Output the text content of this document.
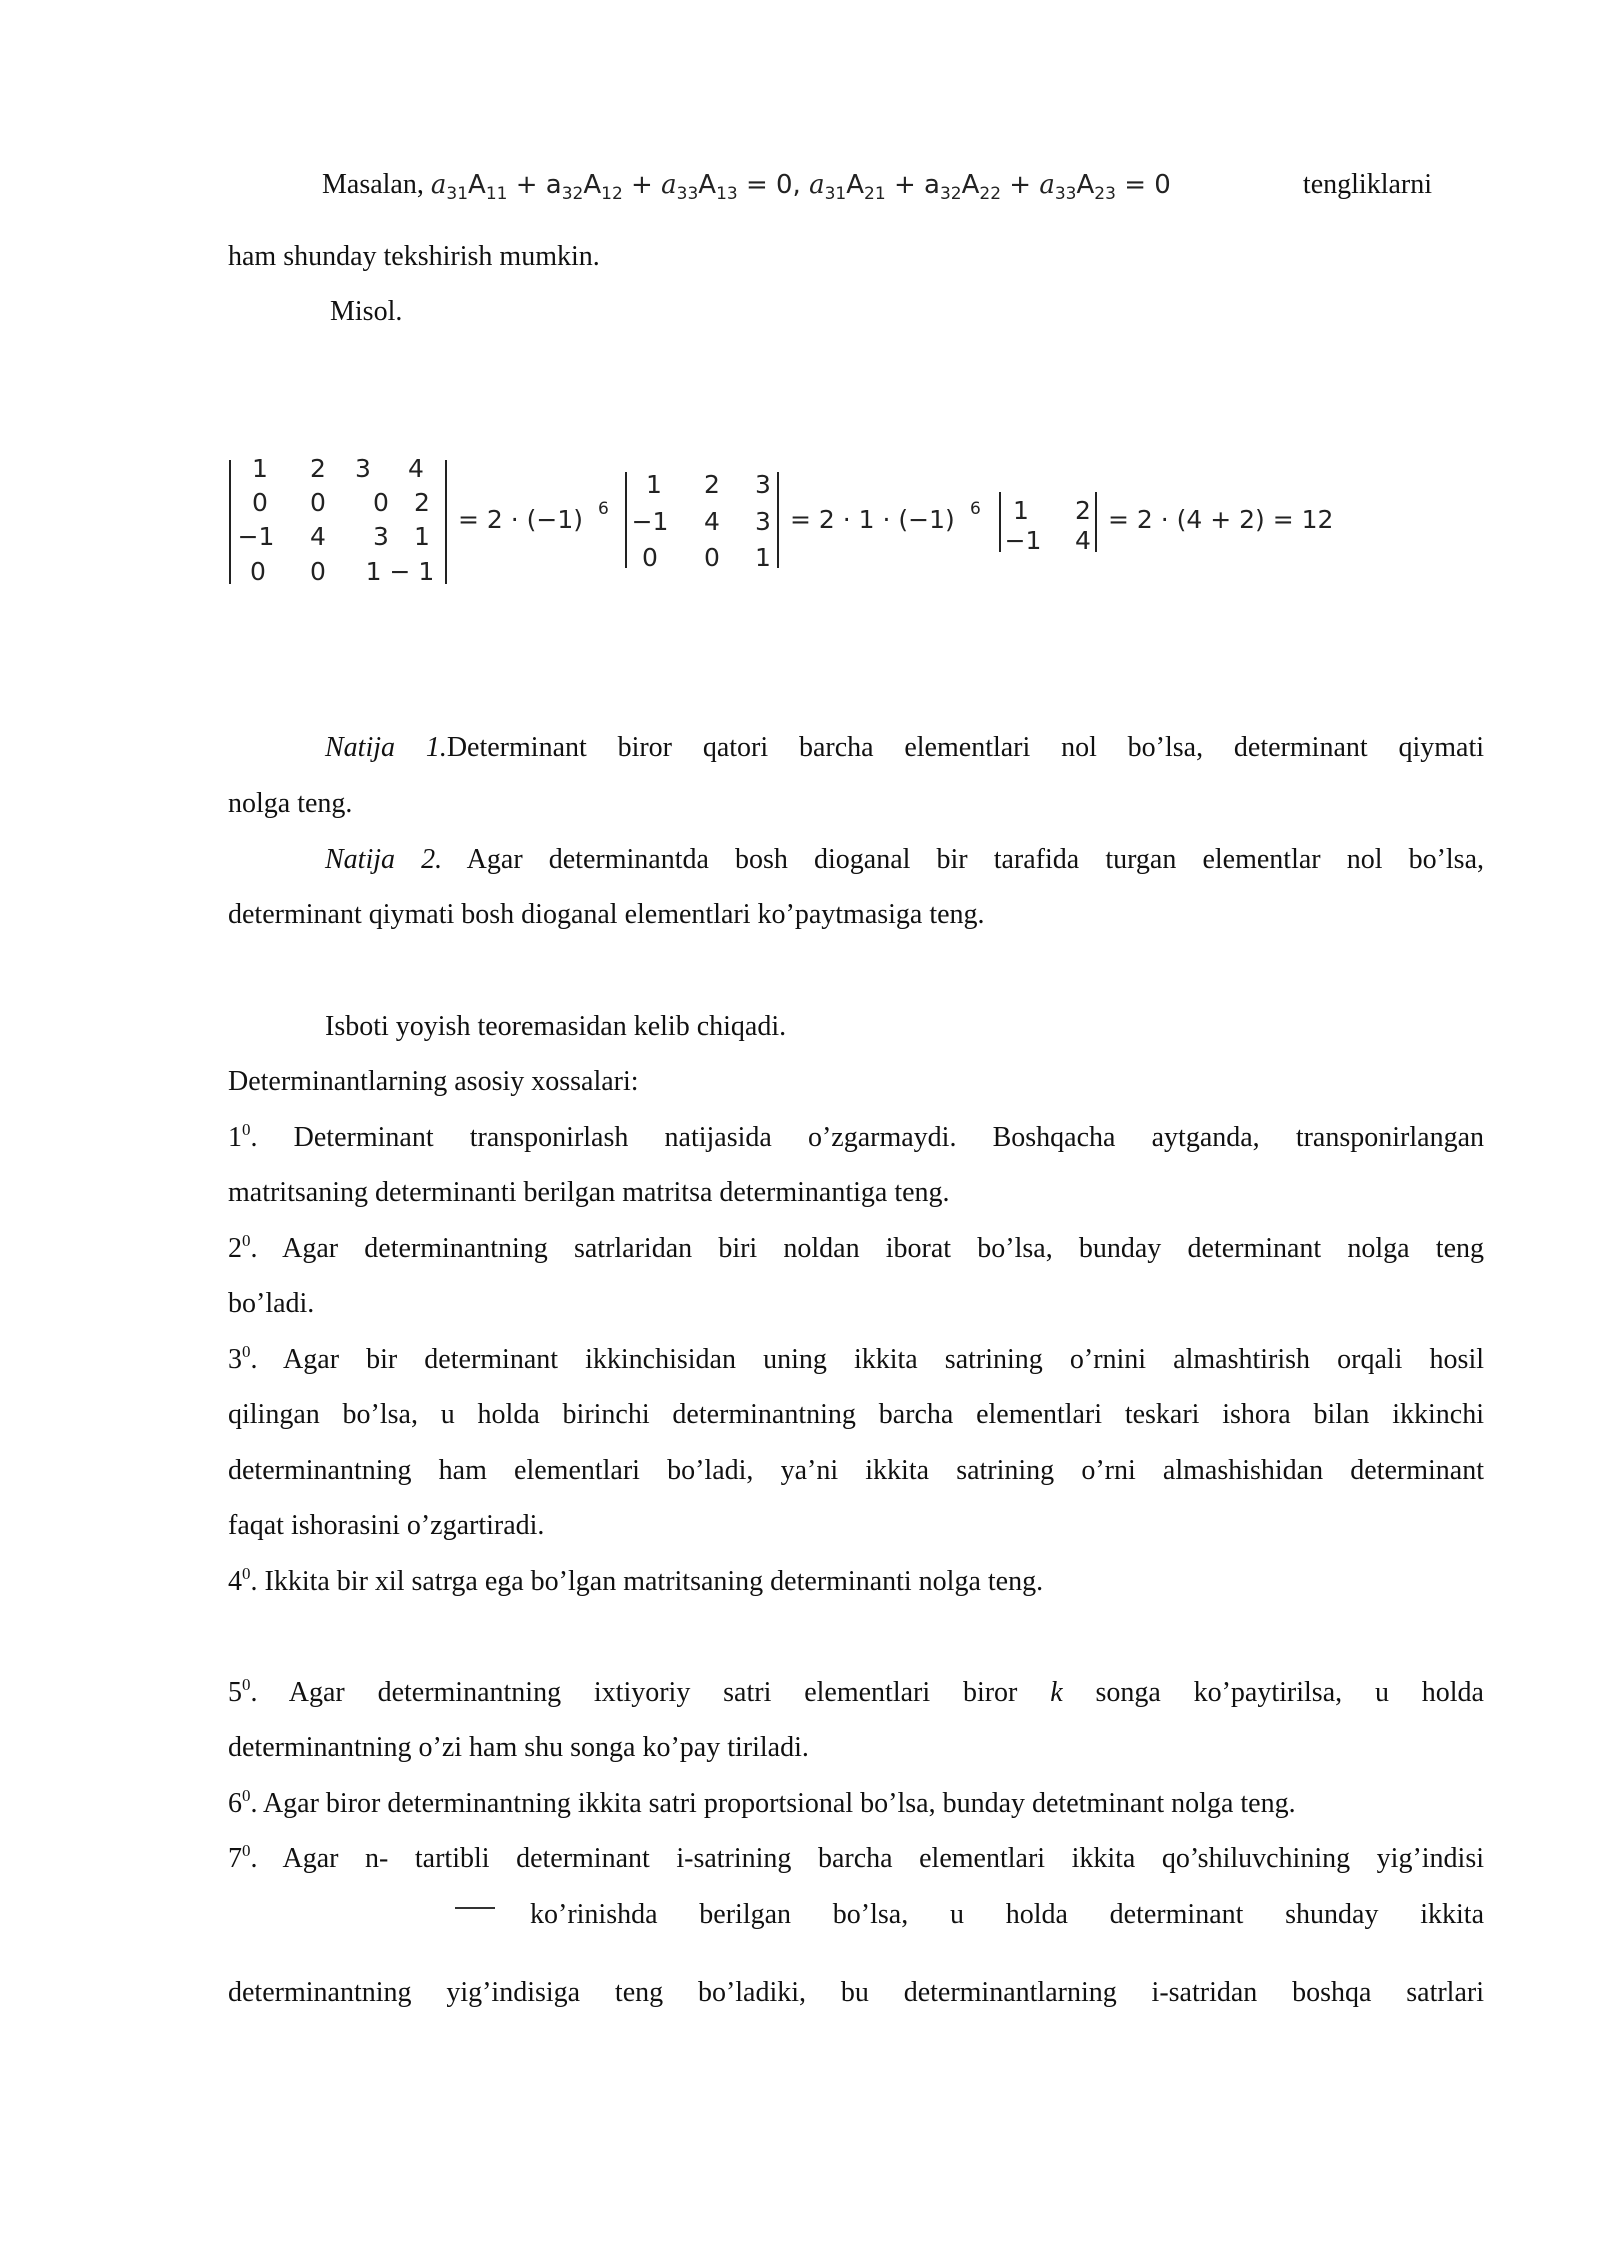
Masalan, $a_{31}A_{11} + a_{32}A_{12} + a_{33}A_{13} = 0$, $a_{31}A_{21} + a_{32}A_{22} + a_{33}A_{23} = 0$	tengliklarni
ham shunday tekshirish mumkin.
Misol.
1 2 3 4
0 0 0 2
−1 4 3 1
0 0 1 − 1
= 2 · (−1) 6
1 2 3
−1 4 3
0 0 1
= 2 · 1 · (−1) 6 1 2
−1 4
= 2 · (4 + 2) = 12
Natija 1.Determinant biror qatori barcha elementlari nol bo’lsa, determinant qiymati
nolga teng.
Natija 2. Agar determinantda bosh dioganal bir tarafida turgan elementlar nol bo’lsa,
determinant qiymati bosh dioganal elementlari ko’paytmasiga teng.
Isboti yoyish teoremasidan kelib chiqadi.
Determinantlarning asosiy xossalari:
$1^0$. Determinant transponirlash natijasida o’zgarmaydi. Boshqacha aytganda, transponirlangan
matritsaning determinanti berilgan matritsa determinantiga teng.
$2^0$. Agar determinantning satrlaridan biri noldan iborat bo’lsa, bunday determinant nolga teng
bo’ladi.
$3^0$. Agar bir determinant ikkinchisidan uning ikkita satrining o’rnini almashtirish orqali hosil
qilingan bo’lsa, u holda birinchi determinantning barcha elementlari teskari ishora bilan ikkinchi
determinantning ham elementlari bo’ladi, ya’ni ikkita satrining o’rni almashishidan determinant
faqat ishorasini o’zgartiradi.
$4^0$. Ikkita bir xil satrga ega bo’lgan matritsaning determinanti nolga teng.
$5^0$. Agar determinantning ixtiyoriy satri elementlari biror k songa ko’paytirilsa, u holda
determinantning o’zi ham shu songa ko’pay tiriladi.
$6^0$. Agar biror determinantning ikkita satri proportsional bo’lsa, bunday detetminant nolga teng.
$7^0$. Agar n- tartibli determinant i-satrining barcha elementlari ikkita qo’shiluvchining yig’indisi
ko’rinishda berilgan bo’lsa, u holda determinant shunday ikkita
determinantning yig’indisiga teng bo’ladiki, bu determinantlarning i-satridan boshqa satrlari
